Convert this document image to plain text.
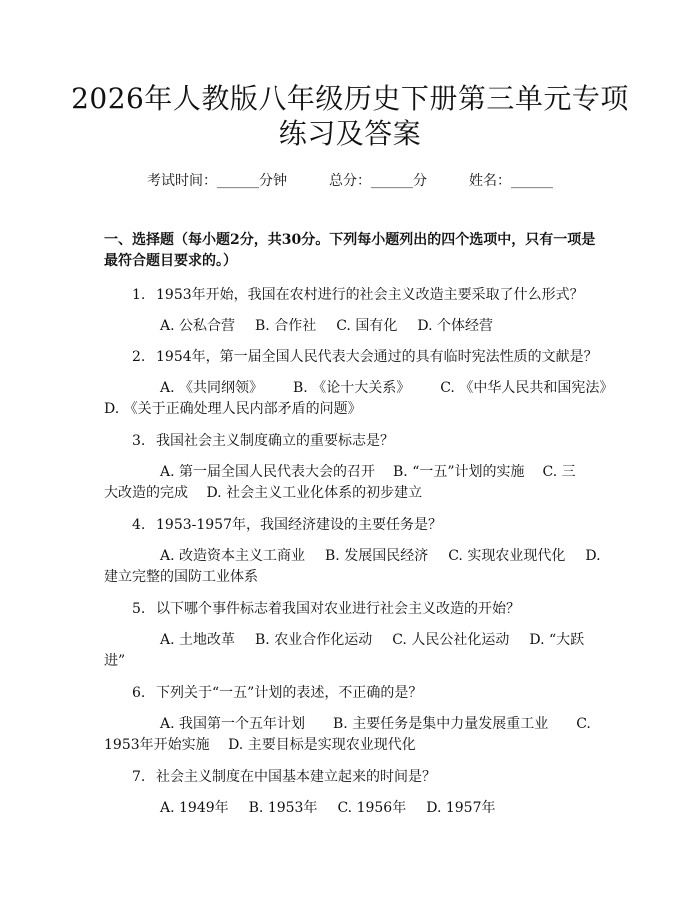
2026年人教版八年级历史下册第三单元专项
练习及答案
考试时间：______分钟　　　	总分：______分　　　	姓名：______
一、选择题（每小题2分，共30分。下列每小题列出的四个选项中，只有一项是最符合题目要求的。）
1. 1953年开始，我国在农村进行的社会主义改造主要采取了什么形式？
A. 公私合营 B. 合作社 C. 国有化 D. 个体经营
2. 1954年，第一届全国人民代表大会通过的具有临时宪法性质的文献是？
A. 《共同纲领》 B. 《论十大关系》 C. 《中华人民共和国宪法》
D. 《关于正确处理人民内部矛盾的问题》
3. 我国社会主义制度确立的重要标志是？
A. 第一届全国人民代表大会的召开 B. “一五”计划的实施 C. 三
大改造的完成　 D. 社会主义工业化体系的初步建立
4. 1953-1957年，我国经济建设的主要任务是？
A. 改造资本主义工商业 B. 发展国民经济 C. 实现农业现代化 D.
建立完整的国防工业体系
5. 以下哪个事件标志着我国对农业进行社会主义改造的开始？
A. 土地改革 B. 农业合作化运动 C. 人民公社化运动 D. “大跃
进”
6. 下列关于“一五”计划的表述，不正确的是？
A. 我国第一个五年计划 B. 主要任务是集中力量发展重工业 C.
1953年开始实施　 D. 主要目标是实现农业现代化
7. 社会主义制度在中国基本建立起来的时间是？
A. 1949年 B. 1953年 C. 1956年 D. 1957年
